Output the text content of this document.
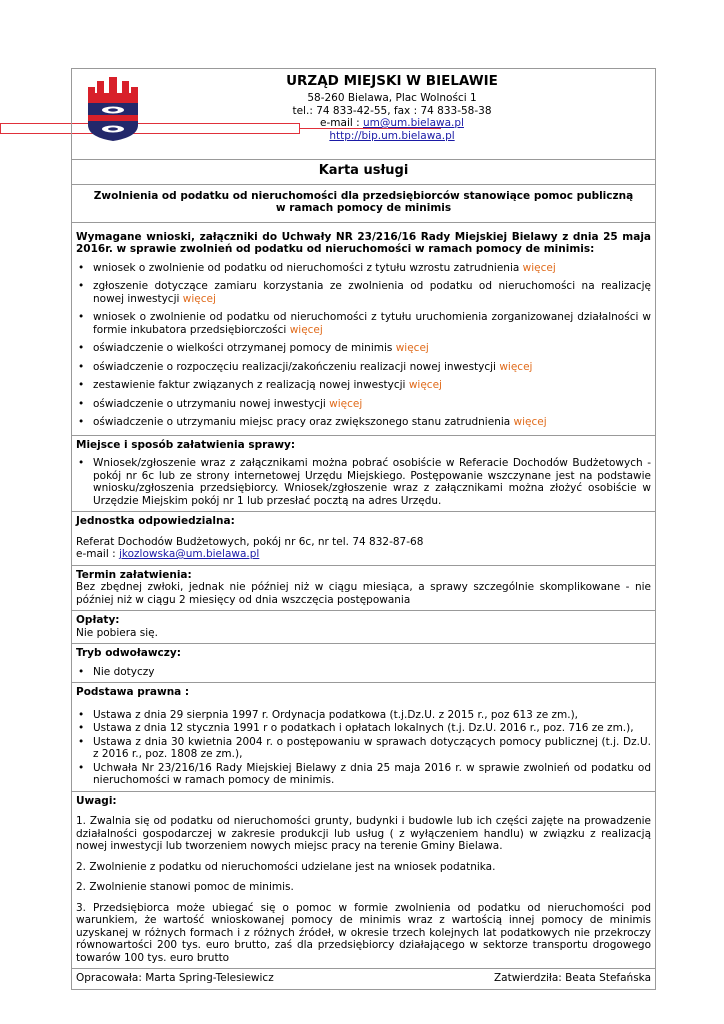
URZĄD MIEJSKI W BIELAWIE
58-260 Bielawa, Plac Wolności 1
tel.: 74 833-42-55, fax : 74 833-58-38
e-mail : um@um.bielawa.pl
http://bip.um.bielawa.pl
Karta usługi
Zwolnienia od podatku od nieruchomości dla przedsiębiorców stanowiące pomoc publiczną w ramach pomocy de minimis

Wymagane wnioski, załączniki do Uchwały NR 23/216/16 Rady Miejskiej Bielawy z dnia 25 maja 2016r. w sprawie zwolnień od podatku od nieruchomości w ramach pomocy de minimis:

• wniosek o zwolnienie od podatku od nieruchomości z tytułu wzrostu zatrudnienia więcej
• zgłoszenie dotyczące zamiaru korzystania ze zwolnienia od podatku od nieruchomości na realizację nowej inwestycji więcej
• wniosek o zwolnienie od podatku od nieruchomości z tytułu uruchomienia zorganizowanej działalności w formie inkubatora przedsiębiorczości więcej
• oświadczenie o wielkości otrzymanej pomocy de minimis więcej
• oświadczenie o rozpoczęciu realizacji/zakończeniu realizacji nowej inwestycji więcej
• zestawienie faktur związanych z realizacją nowej inwestycji więcej
• oświadczenie o utrzymaniu nowej inwestycji więcej
• oświadczenie o utrzymaniu miejsc pracy oraz zwiększonego stanu zatrudnienia więcej

Miejsce i sposób załatwienia sprawy:

• Wniosek/zgłoszenie wraz z załącznikami można pobrać osobiście w Referacie Dochodów Budżetowych - pokój nr 6c lub ze strony internetowej Urzędu Miejskiego. Postępowanie wszczynane jest na podstawie wniosku/zgłoszenia przedsiębiorcy. Wniosek/zgłoszenie wraz z załącznikami można złożyć osobiście w Urzędzie Miejskim pokój nr 1 lub przesłać pocztą na adres Urzędu.

Jednostka odpowiedzialna:

Referat Dochodów Budżetowych, pokój nr 6c, nr tel. 74 832-87-68

e-mail : jkozlowska@um.bielawa.pl

Termin załatwienia:

Bez zbędnej zwłoki, jednak nie później niż w ciągu miesiąca, a sprawy szczególnie skomplikowane - nie później niż w ciągu 2 miesięcy od dnia wszczęcia postępowania

Opłaty:

Nie pobiera się.

Tryb odwoławczy:

• Nie dotyczy

Podstawa prawna :

• Ustawa z dnia 29 sierpnia 1997 r. Ordynacja podatkowa (t.j.Dz.U. z 2015 r., poz 613 ze zm.),
• Ustawa z dnia 12 stycznia 1991 r o podatkach i opłatach lokalnych (t.j. Dz.U. 2016 r., poz. 716 ze zm.),
• Ustawa z dnia 30 kwietnia 2004 r. o postępowaniu w sprawach dotyczących pomocy publicznej (t.j. Dz.U. z 2016 r., poz. 1808 ze zm.),
• Uchwała Nr 23/216/16 Rady Miejskiej Bielawy z dnia 25 maja 2016 r. w sprawie zwolnień od podatku od nieruchomości w ramach pomocy de minimis.

Uwagi:

1. Zwalnia się od podatku od nieruchomości grunty, budynki i budowle lub ich części zajęte na prowadzenie działalności gospodarczej w zakresie produkcji lub usług ( z wyłączeniem handlu) w związku z realizacją nowej inwestycji lub tworzeniem nowych miejsc pracy na terenie Gminy Bielawa.

2. Zwolnienie z podatku od nieruchomości udzielane jest na wniosek podatnika.

2. Zwolnienie stanowi pomoc de minimis.

3. Przedsiębiorca może ubiegać się o pomoc w formie zwolnienia od podatku od nieruchomości pod warunkiem, że wartość wnioskowanej pomocy de minimis wraz z wartością innej pomocy de minimis uzyskanej w różnych formach i z różnych źródeł, w okresie trzech kolejnych lat podatkowych nie przekroczy równowartości 200 tys. euro brutto, zaś dla przedsiębiorcy działającego w sektorze transportu drogowego towarów 100 tys. euro brutto

Opracowała: Marta Spring-Telesiewicz	Zatwierdziła: Beata Stefańska
